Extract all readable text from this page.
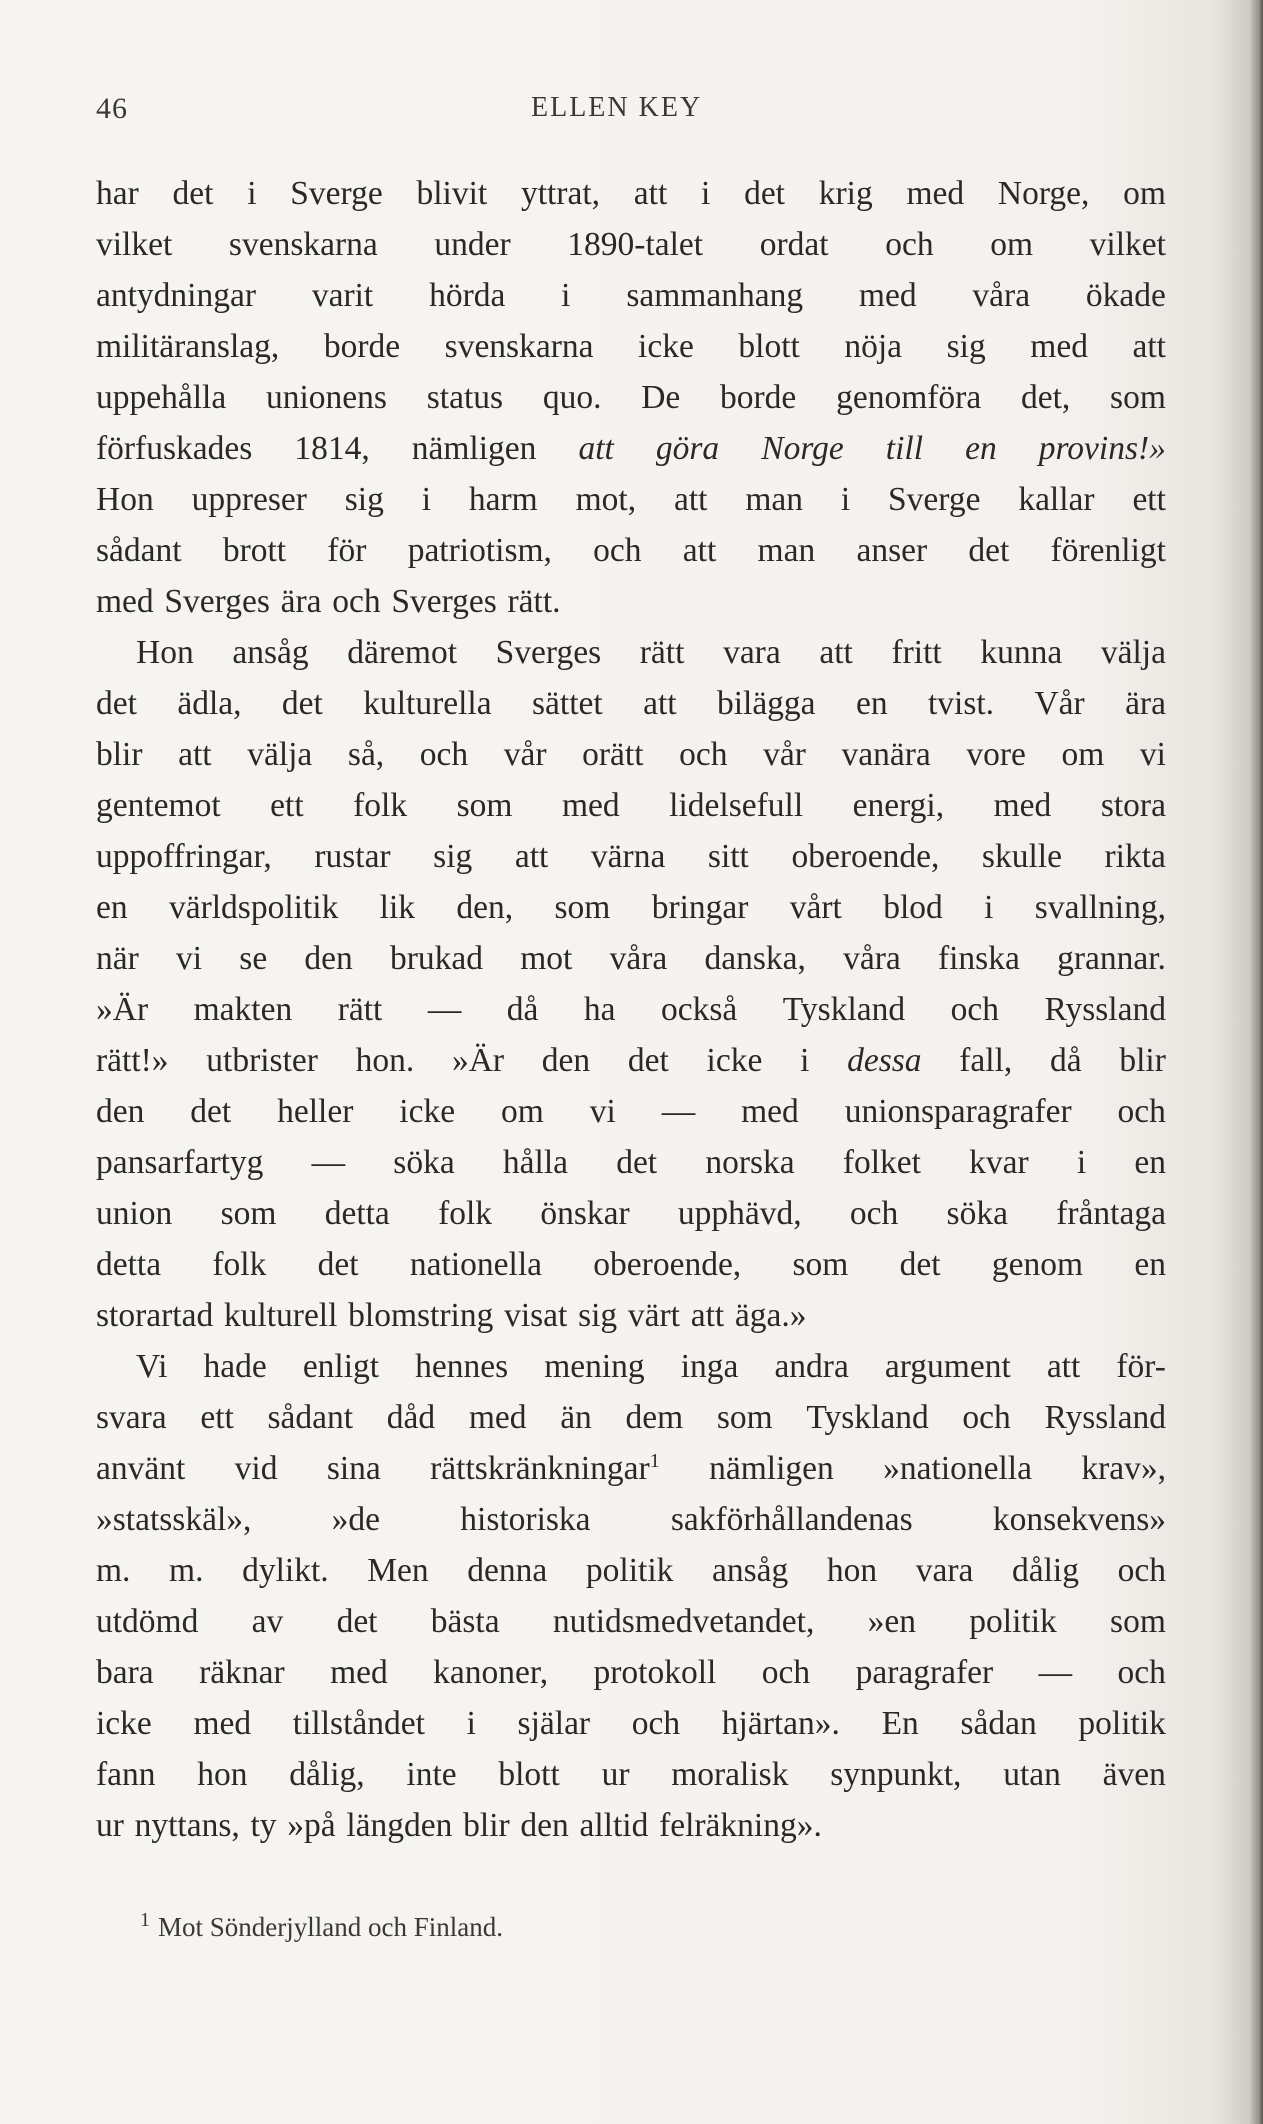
46	ELLEN KEY
har det i Sverge blivit yttrat, att i det krig med Norge, om
vilket svenskarna under 1890-talet ordat och om vilket
antydningar varit hörda i sammanhang med våra ökade
militäranslag, borde svenskarna icke blott nöja sig med att
uppehålla unionens status quo. De borde genomföra det, som
förfuskades 1814, nämligen att göra Norge till en provins!»
Hon uppreser sig i harm mot, att man i Sverge kallar ett
sådant brott för patriotism, och att man anser det förenligt
med Sverges ära och Sverges rätt.
Hon ansåg däremot Sverges rätt vara att fritt kunna välja
det ädla, det kulturella sättet att bilägga en tvist. Vår ära
blir att välja så, och vår orätt och vår vanära vore om vi
gentemot ett folk som med lidelsefull energi, med stora
uppoffringar, rustar sig att värna sitt oberoende, skulle rikta
en världspolitik lik den, som bringar vårt blod i svallning,
när vi se den brukad mot våra danska, våra finska grannar.
»Är makten rätt — då ha också Tyskland och Ryssland
rätt!» utbrister hon. »Är den det icke i dessa fall, då blir
den det heller icke om vi — med unionsparagrafer och
pansarfartyg — söka hålla det norska folket kvar i en
union som detta folk önskar upphävd, och söka fråntaga
detta folk det nationella oberoende, som det genom en
storartad kulturell blomstring visat sig värt att äga.»
Vi hade enligt hennes mening inga andra argument att för-
svara ett sådant dåd med än dem som Tyskland och Ryssland
använt vid sina rättskränkningar$^1$ nämligen »nationella krav»,
»statsskäl», »de historiska sakförhållandenas konsekvens»
m. m. dylikt. Men denna politik ansåg hon vara dålig och
utdömd av det bästa nutidsmedvetandet, »en politik som
bara räknar med kanoner, protokoll och paragrafer — och
icke med tillståndet i själar och hjärtan». En sådan politik
fann hon dålig, inte blott ur moralisk synpunkt, utan även
ur nyttans, ty »på längden blir den alltid felräkning».
$^1$ Mot Sönderjylland och Finland.
